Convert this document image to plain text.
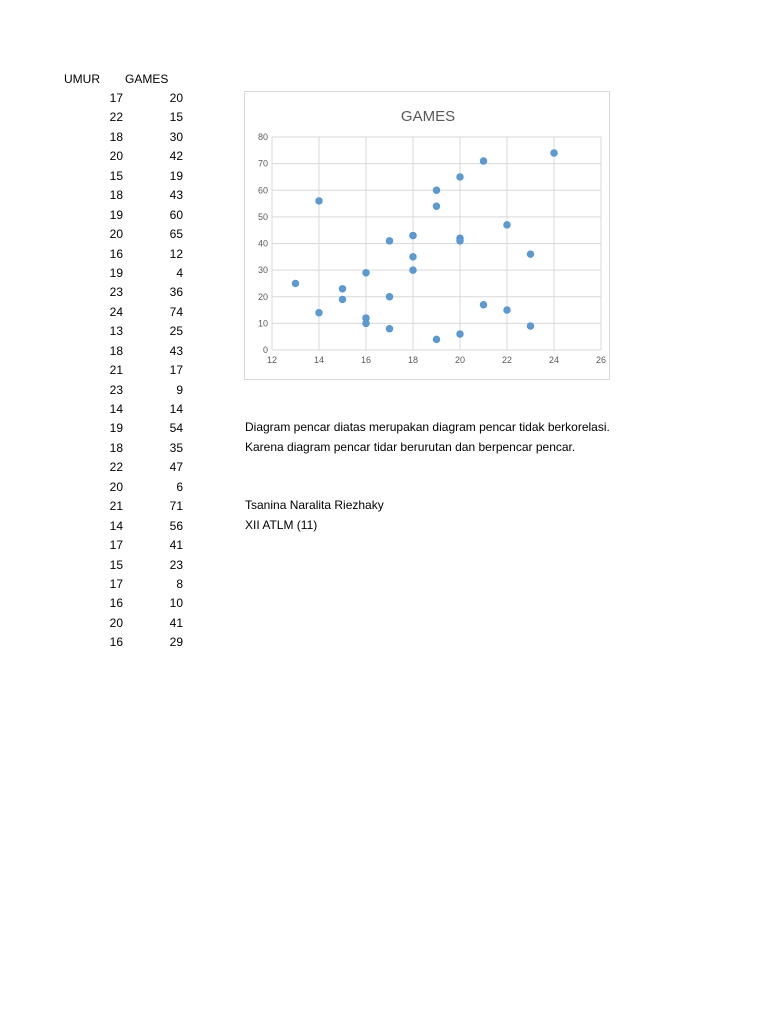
UMUR GAMES
17	20
22	15
18	30
20	42
15	19
18	43
19	60
20	65
16	12
19	4
23	36
24	74
13	25
18	43
21	17
23	9
14	14
19	54
18	35
22	47
20	6
21	71
14	56
17	41
15	23
17	8
16	10
20	41
16	29
GAMES
0
10
20
30
40
50
60
70
80
12	14	16	18	20	22	24	26
Diagram pencar diatas merupakan diagram pencar tidak berkorelasi.
Karena diagram pencar tidar berurutan dan berpencar pencar.
Tsanina Naralita Riezhaky
XII ATLM (11)
